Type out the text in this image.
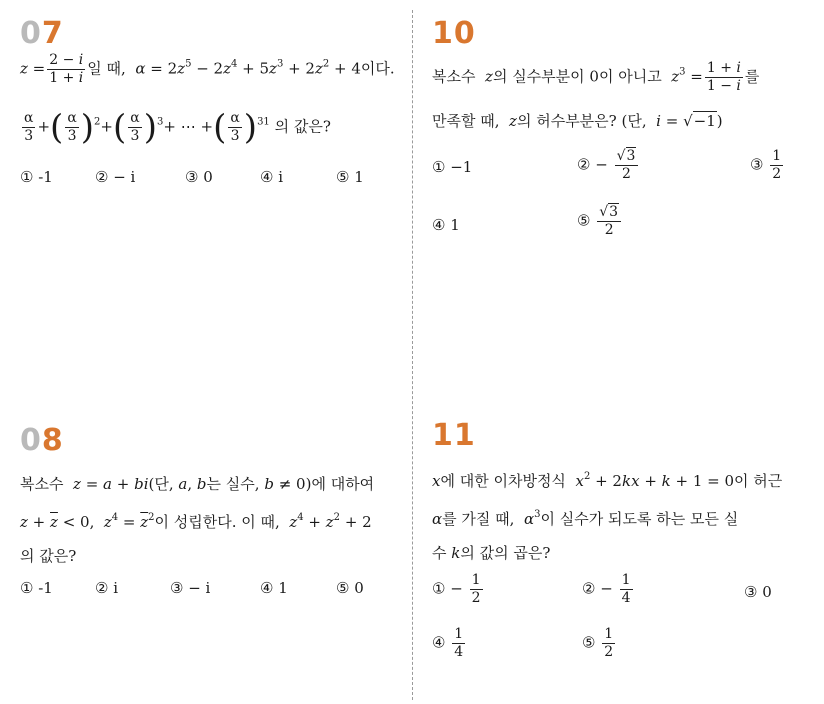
07
$z = \frac{2 - i}{1 + i}$ 일 때, $\alpha = 2z^5 - 2z^4 + 5z^3 + 2z^2 + 4$이다.
$\frac{\alpha}{3}$ +( $\frac{\alpha}{3} )^2+( \frac{\alpha}{3} )^3+$ ⋯ +( $\frac{\alpha}{3} )^{31}$ 의 값은?
① -1	② − i	③ 0	④ i	⑤ 1
08
복소수 z = a + bi(단, a, b는 실수, b ≠ 0)에 대하여
$z + \overline{z} < 0$,  $z^4 = \overline{z}^2$이 성립한다. 이 때, $z^4 + z^2 + 2$
의 값은?
① -1	② i	③ − i	④ 1	⑤ 0
10
복소수 z의 실수부분이 0이 아니고 $z^3 = \frac{1 + i}{1 - i}$ 를
만족할 때, z의 허수부분은? (단, i = √−1)
① −1	② − $\frac{√3}{2}$	③ $\frac{1}{2}$
④ 1	⑤ $\frac{√3}{2}$
11
x에 대한 이차방정식 $x^2 + 2kx + k + 1 = 0$이 허근
α를 가질 때, $\alpha^3$이 실수가 되도록 하는 모든 실
수 k의 값의 곱은?
① − $\frac{1}{2}$	② − $\frac{1}{4}$	③ 0
④ $\frac{1}{4}$	⑤ $\frac{1}{2}$
